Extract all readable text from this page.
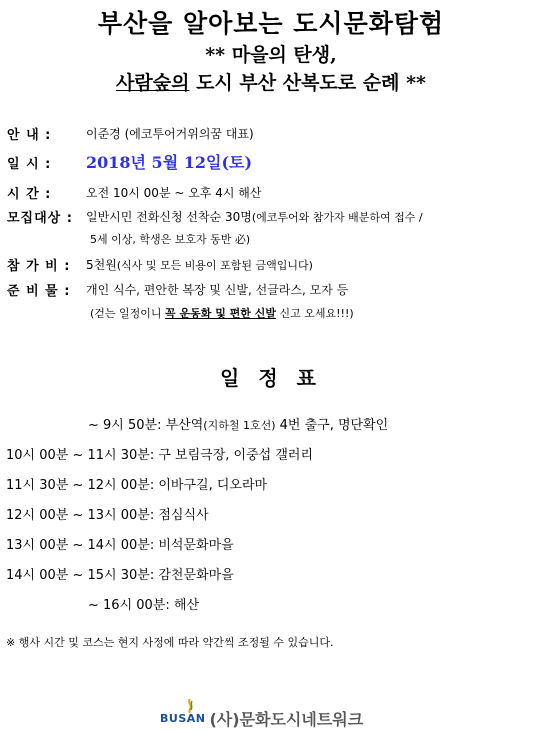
부산을 알아보는 도시문화탐험
** 마을의 탄생,
사람숲의 도시 부산 산복도로 순례 **
안 내 :	이준경 (에코투어거위의꿈 대표)
일 시 : 2018년 5월 12일(토)
시 간 :	오전 10시 00분 ~ 오후 4시 해산
모집대상 : 일반시민 전화신청 선착순 30명(에코투어와 참가자 배분하여 접수 /
5세 이상, 학생은 보호자 동반 必)
참 가 비 : 5천원(식사 및 모든 비용이 포함된 금액입니다)
준 비 물 : 개인 식수, 편안한 복장 및 신발, 선글라스, 모자 등
(걷는 일정이니 꼭 운동화 및 편한 신발 신고 오세요!!!)
일 정 표
~ 9시 50분: 부산역(지하철 1호선) 4번 출구, 명단확인
10시 00분 ~ 11시 30분: 구 보림극장, 이중섭 갤러리
11시 30분 ~ 12시 00분: 이바구길, 디오라마
12시 00분 ~ 13시 00분: 점심식사
13시 00분 ~ 14시 00분: 비석문화마을
14시 00분 ~ 15시 30분: 감천문화마을
~ 16시 00분: 해산
※ 행사 시간 및 코스는 현지 사정에 따라 약간씩 조정될 수 있습니다.
BUSAN (사)문화도시네트워크
